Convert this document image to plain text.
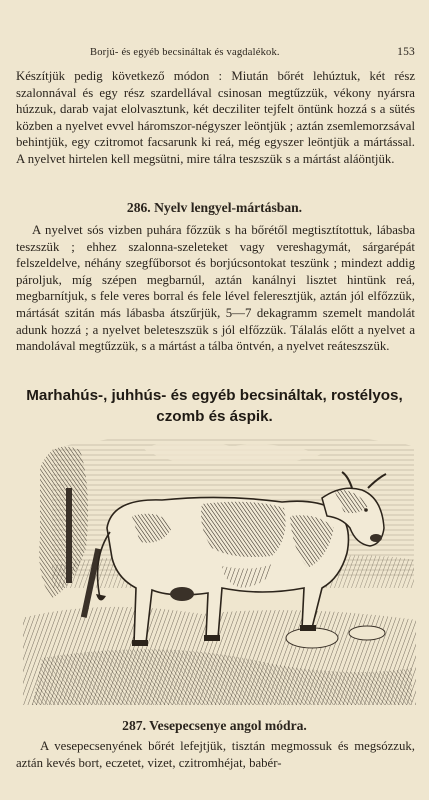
Borjú- és egyéb becsináltak és vagdalékok.	153

Készítjük pedig következő módon : Miután bőrét lehúztuk, két rész szalonnával és egy rész szardellával csinosan megtűzzük, vékony nyársra húzzuk, darab vajat elolvasztunk, két decziliter tejfelt öntünk hozzá s a sütés közben a nyelvet evvel háromszor-négyszer leöntjük ; aztán zsemlemorzsával behintjük, egy czitromot facsarunk ki reá, még egyszer leöntjük a mártással. A nyelvet hirtelen kell megsütni, mire tálra teszszük s a mártást aláöntjük.

286. Nyelv lengyel-mártásban.

A nyelvet sós vizben puhára főzzük s ha bőrétől megtisztítottuk, lábasba teszszük ; ehhez szalonna-szeleteket vagy vereshagymát, sárgarépát felszeldelve, néhány szegfűborsot és borjúcsontokat teszünk ; mindezt addig pároljuk, míg szépen megbarnúl, aztán kanálnyi lisztet hintünk reá, megbarnítjuk, s fele veres borral és fele lével feleresztjük, aztán jól elfőzzük, mártását szitán más lábasba átszűrjük, 5—7 dekagramm szemelt mandolát adunk hozzá ; a nyelvet beleteszszük s jól elfőzzük. Tálalás előtt a nyelvet a mandolával megtűzzük, s a mártást a tálba öntvén, a nyelvet reáteszszük.

Marhahús-, juhhús- és egyéb becsináltak, rostélyos,
czomb és áspik.
287. Vesepecsenye angol módra.

A vesepecsenyének bőrét lefejtjük, tisztán megmossuk és megsózzuk, aztán kevés bort, eczetet, vizet, czitromhéjat, babér-
